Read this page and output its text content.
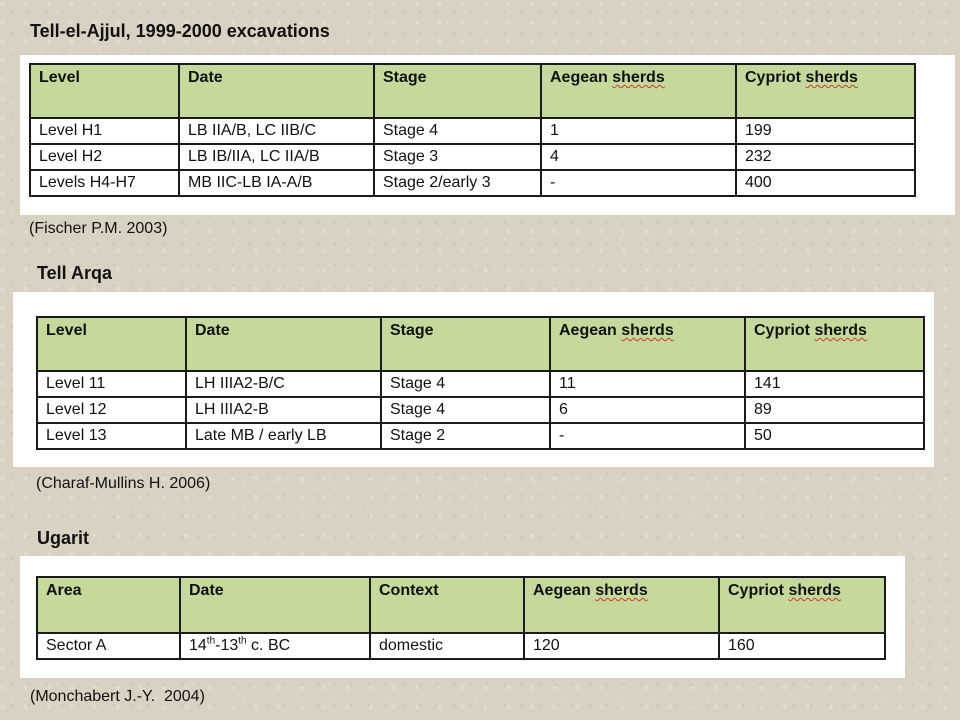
Tell-el-Ajjul, 1999-2000 excavations
Level	Date	Stage	Aegean sherds	Cypriot sherds
Level H1	LB IIA/B, LC IIB/C	Stage 4	1	199
Level H2	LB IB/IIA, LC IIA/B	Stage 3	4	232
Levels H4-H7	MB IIC-LB IA-A/B	Stage 2/early 3	-	400
(Fischer P.M. 2003)
Tell Arqa
Level	Date	Stage	Aegean sherds	Cypriot sherds
Level 11	LH IIIA2-B/C	Stage 4	11	141
Level 12	LH IIIA2-B	Stage 4	6	89
Level 13	Late MB / early LB	Stage 2	-	50
(Charaf-Mullins H. 2006)
Ugarit
Area	Date	Context	Aegean sherds	Cypriot sherds
Sector A	14th-13th c. BC	domestic	120	160
(Monchabert J.-Y.  2004)
